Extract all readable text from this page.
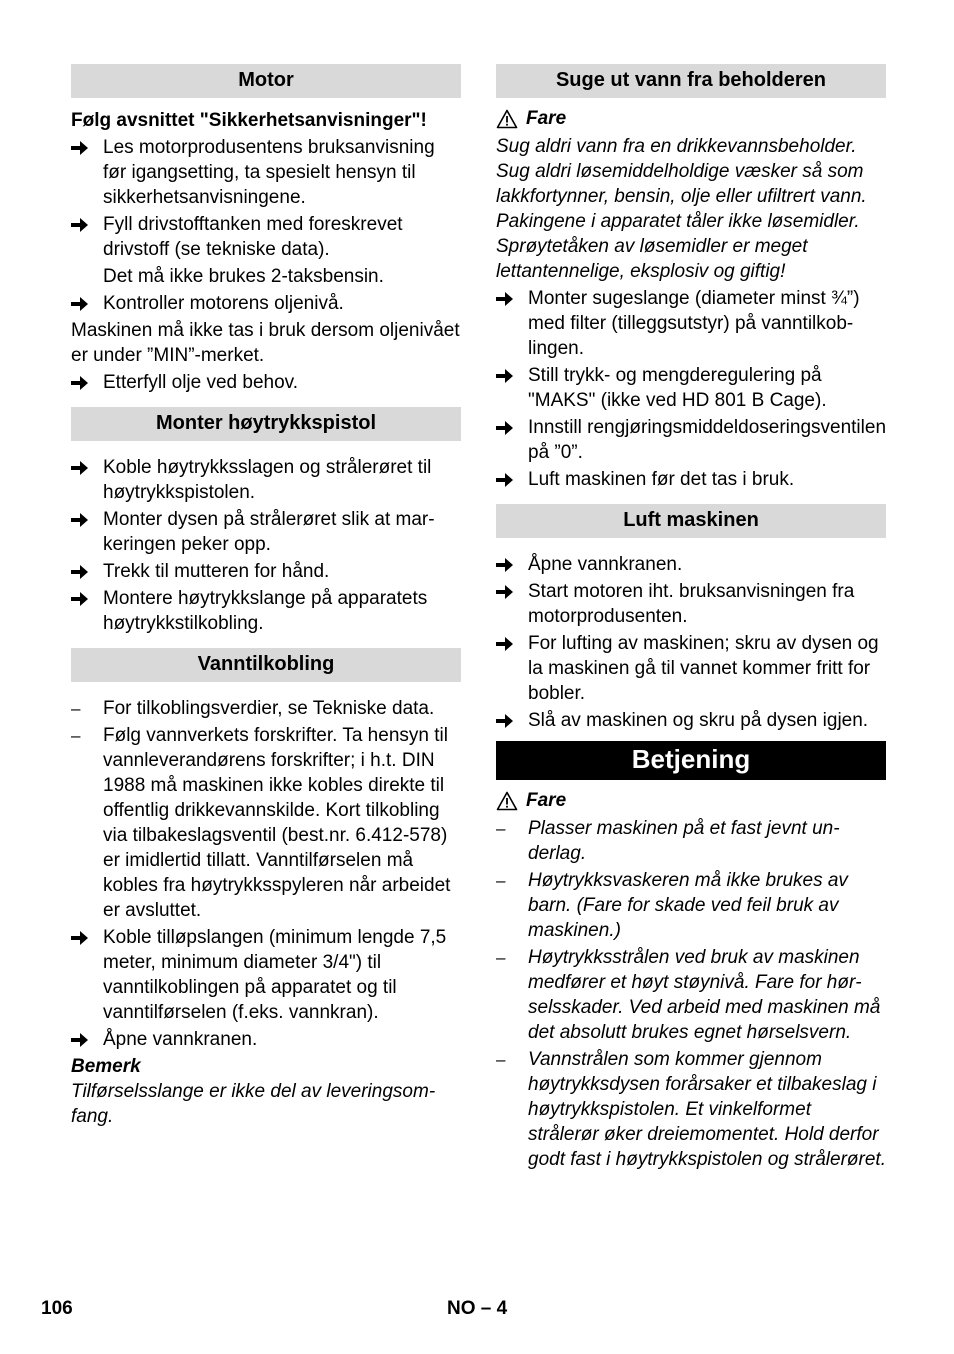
Motor

Følg avsnittet "Sikkerhetsanvisninger"!

Les motorprodusentens bruksanvisning før igangsetting, ta spesielt hensyn til sikkerhetsanvisningene.

Fyll drivstofftanken med foreskrevet drivstoff (se tekniske data).

Det må ikke brukes 2-taksbensin.

Kontroller motorens oljenivå.

Maskinen må ikke tas i bruk dersom oljenivået er under ”MIN”-merket.

Etterfyll olje ved behov.

Monter høytrykkspistol

Koble høytrykksslagen og strålerøret til høytrykkspistolen.

Monter dysen på strålerøret slik at markeringen peker opp.

Trekk til mutteren for hånd.

Montere høytrykkslange på apparatets høytrykkstilkobling.

Vanntilkobling
–	For tilkoblingsverdier, se Tekniske data.

–	Følg vannverkets forskrifter. Ta hensyn til vannleverandørens forskrifter; i h.t. DIN 1988 må maskinen ikke kobles direkte til offentlig drikkevannskilde. Kort tilkobling via tilbakeslagsventil (best.nr. 6.412-578) er imidlertid tillatt. Vanntilførselen må kobles fra høytrykksspyleren når arbeidet er avsluttet.

Koble tilløpslangen (minimum lengde 7,5 meter, minimum diameter 3/4") til vanntilkoblingen på apparatet og til vanntilførselen (f.eks. vannkran).

Åpne vannkranen.

Bemerk

Tilførselsslange er ikke del av leveringsomfang.

Suge ut vann fra beholderen
Fare

Sug aldri vann fra en drikkevannsbeholder. Sug aldri løsemiddelholdige væsker så som lakkfortynner, bensin, olje eller ufiltrert vann. Pakingene i apparatet tåler ikke løsemidler. Sprøytetåken av løsemidler er meget lettantennelige, eksplosiv og giftig!

Monter sugeslange (diameter minst ¾”) med filter (tilleggsutstyr) på vanntilkoblingen.

Still trykk- og mengderegulering på "MAKS" (ikke ved HD 801 B Cage).

Innstill rengjøringsmiddeldoseringsventilen på ”0”.

Luft maskinen før det tas i bruk.

Luft maskinen

Åpne vannkranen.

Start motoren iht. bruksanvisningen fra motorprodusenten.

For lufting av maskinen; skru av dysen og la maskinen gå til vannet kommer fritt for bobler.

Slå av maskinen og skru på dysen igjen.

Betjening
Fare
–	Plasser maskinen på et fast jevnt underlag.

–	Høytrykksvaskeren må ikke brukes av barn. (Fare for skade ved feil bruk av maskinen.)

–	Høytrykksstrålen ved bruk av maskinen medfører et høyt støynivå. Fare for hørselsskader. Ved arbeid med maskinen må det absolutt brukes egnet hørselsvern.

–	Vannstrålen som kommer gjennom høytrykksdysen forårsaker et tilbakeslag i høytrykkspistolen. Et vinkelformet strålerør øker dreiemomentet. Hold derfor godt fast i høytrykkspistolen og strålerøret.

106	NO – 4
